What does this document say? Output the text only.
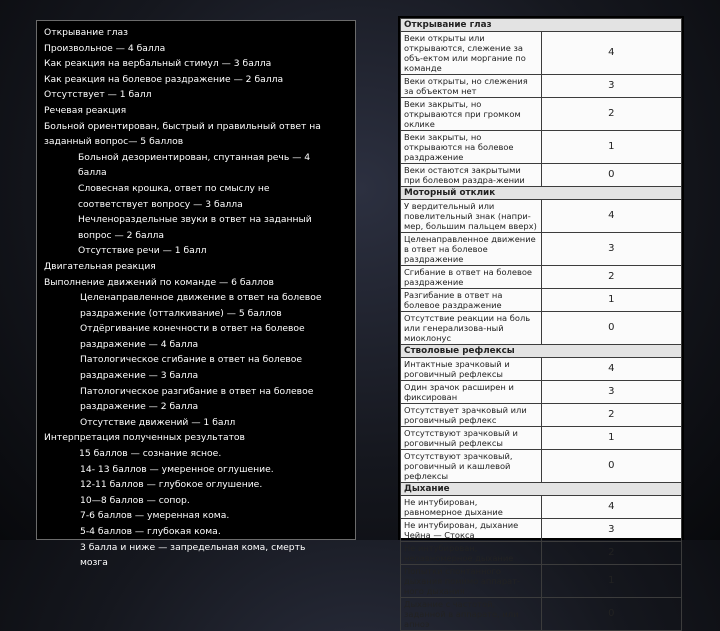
Открывание глаз
Произвольное — 4 балла
Как реакция на вербальный стимул — 3 балла
Как реакция на болевое раздражение — 2 балла
Отсутствует — 1 балл
Речевая реакция
Больной ориентирован, быстрый и правильный ответ на
заданный вопрос— 5 баллов
Больной дезориентирован, спутанная речь — 4
балла
Словесная крошка, ответ по смыслу не
соответствует вопросу — 3 балла
Нечленораздельные звуки в ответ на заданный
вопрос — 2 балла
Отсутствие речи — 1 балл
Двигательная реакция
Выполнение движений по команде — 6 баллов
Целенаправленное движение в ответ на болевое
раздражение (отталкивание) — 5 баллов
Отдёргивание конечности в ответ на болевое
раздражение — 4 балла
Патологическое сгибание в ответ на болевое
раздражение — 3 балла
Патологическое разгибание в ответ на болевое
раздражение — 2 балла
Отсутствие движений — 1 балл
Интерпретация полученных результатов
15 баллов — сознание ясное.
14- 13 баллов — умеренное оглушение.
12-11 баллов — глубокое оглушение.
10—8 баллов — сопор.
7-6 баллов — умеренная кома.
5-4 баллов — глубокая кома.
3 балла и ниже — запредельная кома, смерть
мозга
Открывание глаз	
Веки открыты или открываются, слежение за объ-ектом или моргание по команде	4
Веки открыты, но слежения за объектом нет	3
Веки закрыты, но открываются при громком оклике	2
Веки закрыты, но открываются на болевое раздражение	1
Веки остаются закрытыми при болевом раздра-жении	0
Моторный отклик	
У вердительный или повелительный знак (напри-мер, большим пальцем вверх)	4
Целенаправленное движение в ответ на болевое раздражение	3
Сгибание в ответ на болевое раздражение	2
Разгибание в ответ на болевое раздражение	1
Отсутствие реакции на боль или генерализова-ный миоклонус	0
Стволовые рефлексы	
Интактные зрачковый и роговичный рефлексы	4
Один зрачок расширен и фиксирован	3
Отсутствует зрачковый или роговичный рефлекс	2
Отсутствуют зрачковый и роговичный рефлексы	1
Отсутствуют зрачковый, роговичный и кашлевой рефлексы	0
Дыхание	
Не интубирован, равномерное дыхание	4
Не интубирован, дыхание Чейна — Стокса	3
Не интубирован, неравномерное дыхание	2
Попытки спонтанного дыхания помимо аппарат-ного дыхания	1
Дыхание с частотой, заданной в аппарате, или апноэ	0
